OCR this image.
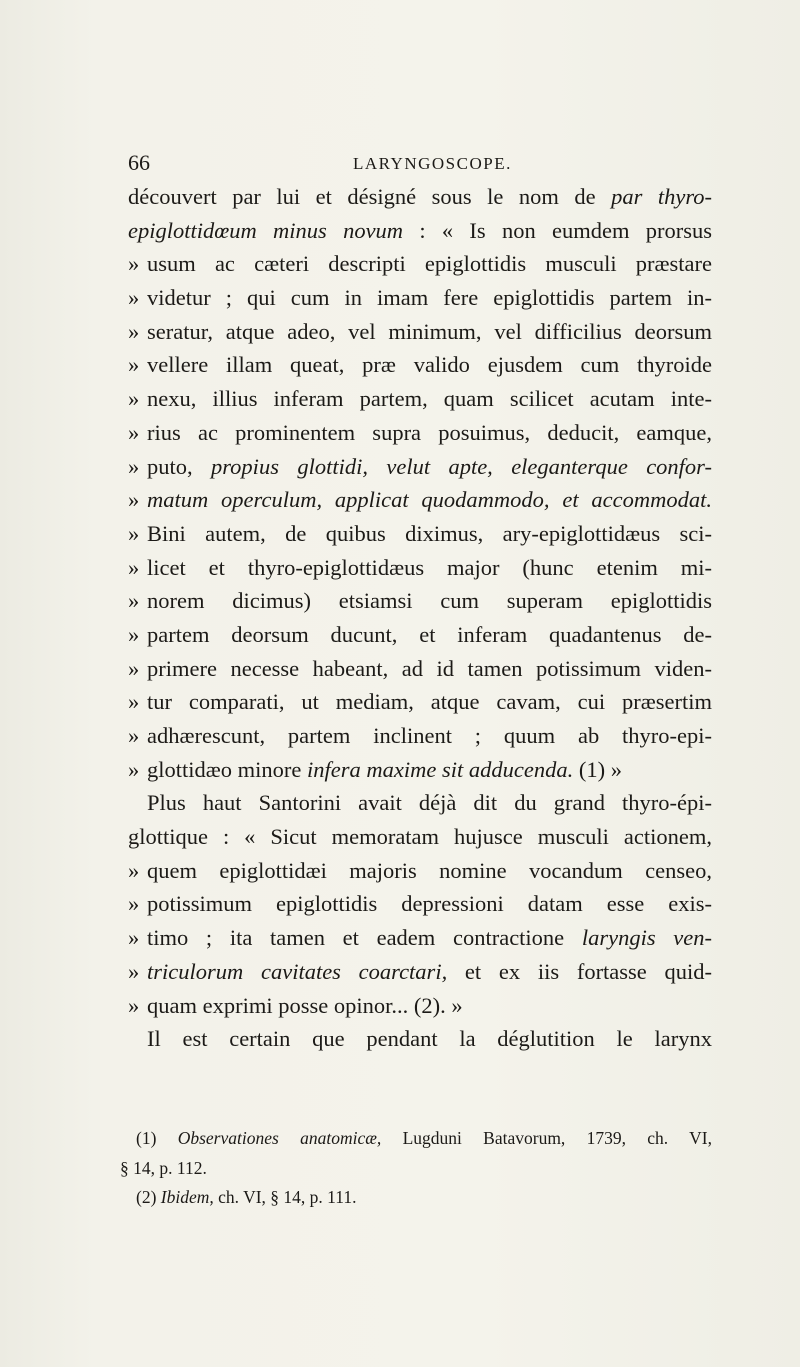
66	LARYNGOSCOPE.
découvert par lui et désigné sous le nom de par thyro-
epiglottidœum minus novum : « Is non eumdem prorsus
» usum ac cæteri descripti epiglottidis musculi præstare
» videtur ; qui cum in imam fere epiglottidis partem in-
» seratur, atque adeo, vel minimum, vel difficilius deorsum
» vellere illam queat, præ valido ejusdem cum thyroide
» nexu, illius inferam partem, quam scilicet acutam inte-
» rius ac prominentem supra posuimus, deducit, eamque,
» puto, propius glottidi, velut apte, eleganterque confor-
» matum operculum, applicat quodammodo, et accommodat.
» Bini autem, de quibus diximus, ary-epiglottidæus sci-
» licet et thyro-epiglottidæus major (hunc etenim mi-
» norem dicimus) etsiamsi cum superam epiglottidis
» partem deorsum ducunt, et inferam quadantenus de-
» primere necesse habeant, ad id tamen potissimum viden-
» tur comparati, ut mediam, atque cavam, cui præsertim
» adhærescunt, partem inclinent ; quum ab thyro-epi-
» glottidæo minore infera maxime sit adducenda. (1) »
Plus haut Santorini avait déjà dit du grand thyro-épi-
glottique : « Sicut memoratam hujusce musculi actionem,
» quem epiglottidæi majoris nomine vocandum censeo,
» potissimum epiglottidis depressioni datam esse exis-
» timo ; ita tamen et eadem contractione laryngis ven-
» triculorum cavitates coarctari, et ex iis fortasse quid-
» quam exprimi posse opinor... (2). »
Il est certain que pendant la déglutition le larynx
(1) Observationes anatomicæ, Lugduni Batavorum, 1739, ch. VI,
§ 14, p. 112.
(2) Ibidem, ch. VI, § 14, p. 111.
